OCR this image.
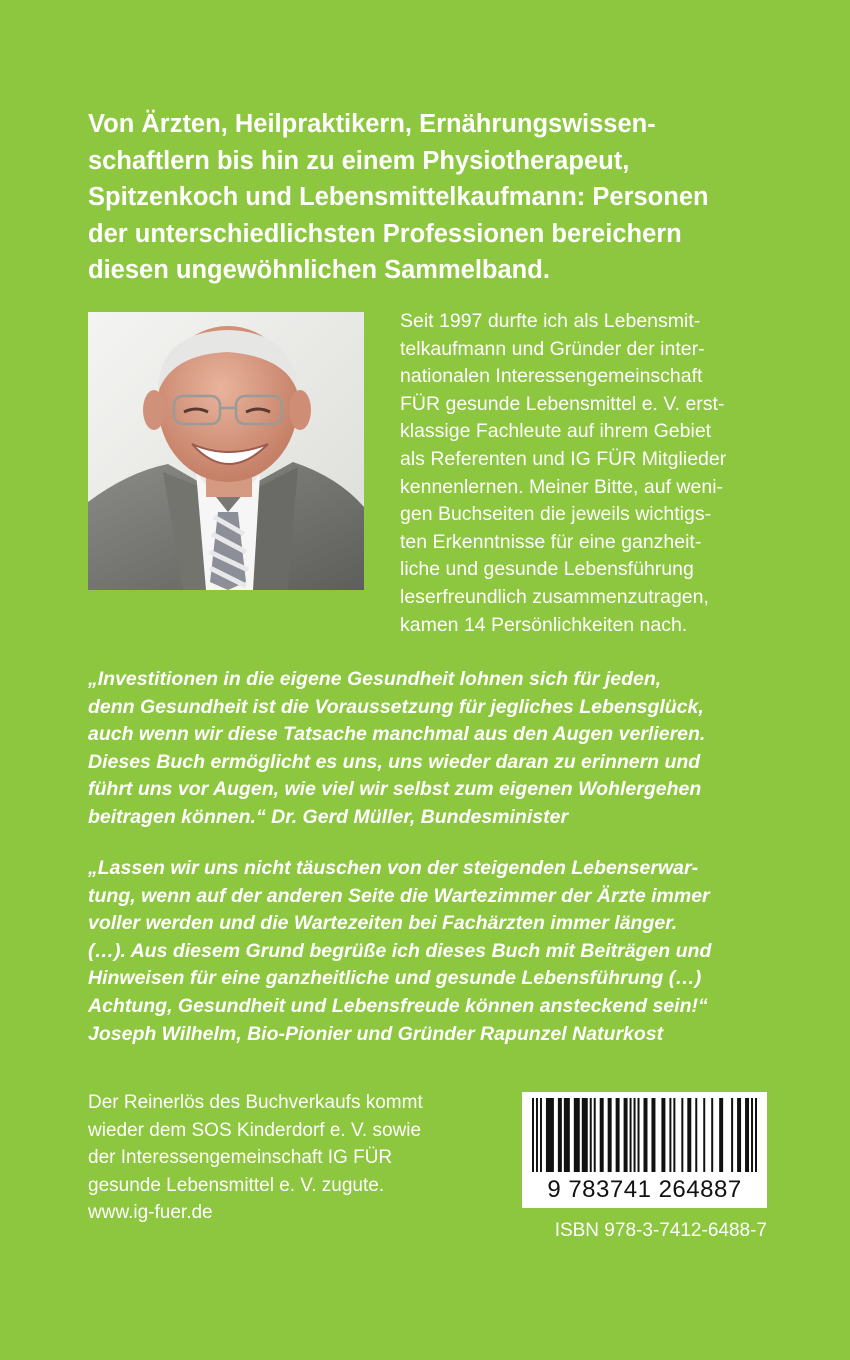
Von Ärzten, Heilpraktikern, Ernährungswissen-
schaftlern bis hin zu einem Physiotherapeut,
Spitzenkoch und Lebensmittelkaufmann: Personen
der unterschiedlichsten Professionen bereichern
diesen ungewöhnlichen Sammelband.
Seit 1997 durfte ich als Lebensmit-
telkaufmann und Gründer der inter-
nationalen Interessengemeinschaft
FÜR gesunde Lebensmittel e. V. erst-
klassige Fachleute auf ihrem Gebiet
als Referenten und IG FÜR Mitglieder
kennenlernen. Meiner Bitte, auf weni-
gen Buchseiten die jeweils wichtigs-
ten Erkenntnisse für eine ganzheit-
liche und gesunde Lebensführung
leserfreundlich zusammenzutragen,
kamen 14 Persönlichkeiten nach.
„Investitionen in die eigene Gesundheit lohnen sich für jeden,
denn Gesundheit ist die Voraussetzung für jegliches Lebensglück,
auch wenn wir diese Tatsache manchmal aus den Augen verlieren.
Dieses Buch ermöglicht es uns, uns wieder daran zu erinnern und
führt uns vor Augen, wie viel wir selbst zum eigenen Wohlergehen
beitragen können.“ Dr. Gerd Müller, Bundesminister
„Lassen wir uns nicht täuschen von der steigenden Lebenserwar-
tung, wenn auf der anderen Seite die Wartezimmer der Ärzte immer
voller werden und die Wartezeiten bei Fachärzten immer länger.
(…). Aus diesem Grund begrüße ich dieses Buch mit Beiträgen und
Hinweisen für eine ganzheitliche und gesunde Lebensführung (…)
Achtung, Gesundheit und Lebensfreude können ansteckend sein!“
Joseph Wilhelm, Bio-Pionier und Gründer Rapunzel Naturkost
Der Reinerlös des Buchverkaufs kommt
wieder dem SOS Kinderdorf e. V. sowie
der Interessengemeinschaft IG FÜR
gesunde Lebensmittel e. V. zugute.
www.ig-fuer.de
9 783741 264887
ISBN 978-3-7412-6488-7
